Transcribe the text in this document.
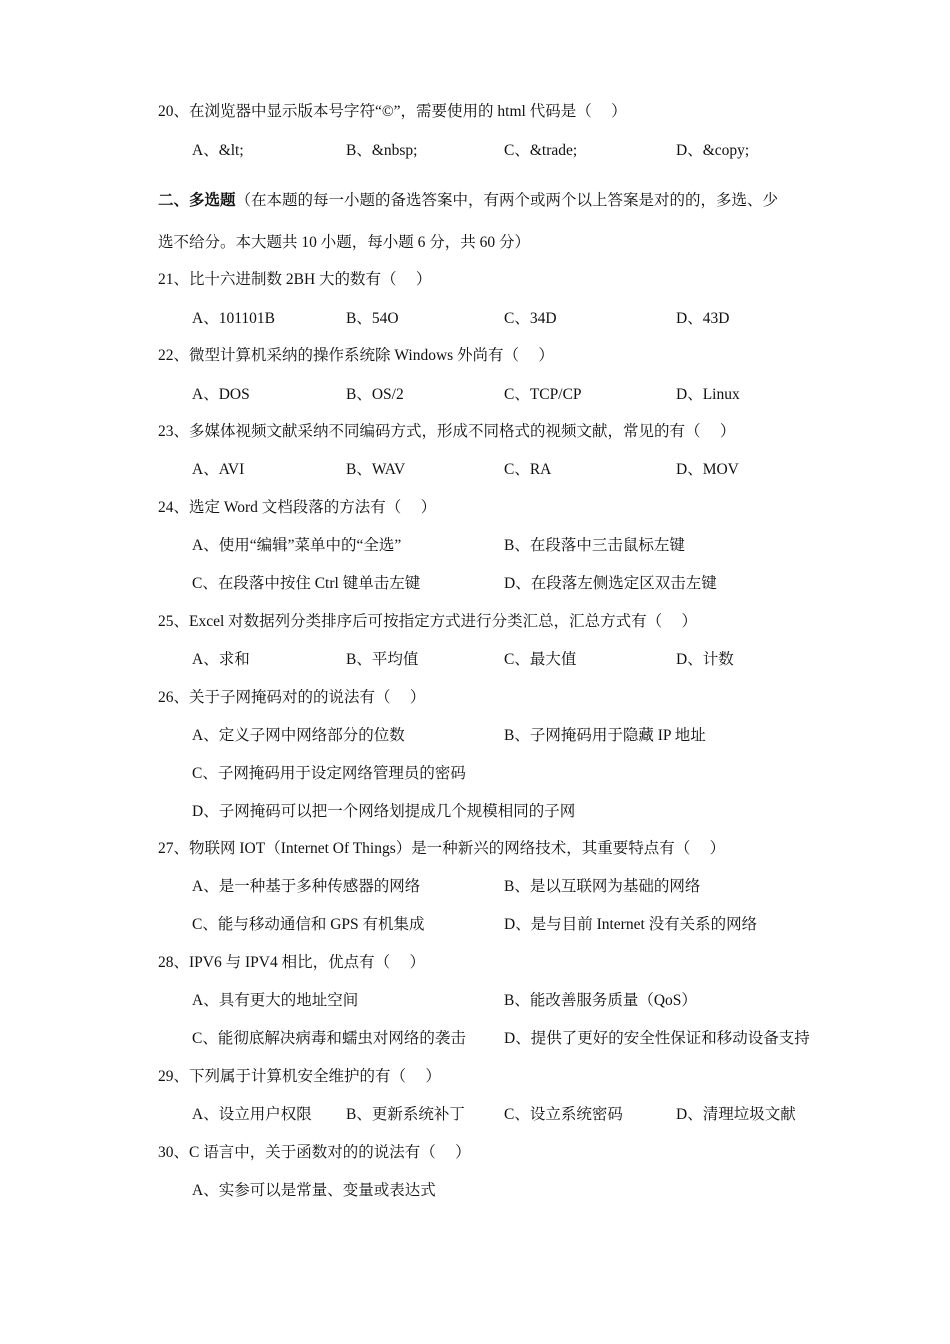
20、在浏览器中显示版本号字符“©”，需要使用的 html 代码是（　 ）
A、&lt;	B、&nbsp;	C、&trade;	D、&copy;
二、多选题（在本题的每一小题的备选答案中，有两个或两个以上答案是对的的，多选、少
选不给分。本大题共 10 小题，每小题 6 分，共 60 分）
21、比十六进制数 2BH 大的数有（　 ）
A、101101B	B、54O	C、34D	D、43D
22、微型计算机采纳的操作系统除 Windows 外尚有（　 ）
A、DOS	B、OS/2	C、TCP/CP	D、Linux
23、多媒体视频文献采纳不同编码方式，形成不同格式的视频文献，常见的有（　 ）
A、AVI	B、WAV	C、RA	D、MOV
24、选定 Word 文档段落的方法有（　 ）
A、使用“编辑”菜单中的“全选”	B、在段落中三击鼠标左键
C、在段落中按住 Ctrl 键单击左键	D、在段落左侧选定区双击左键
25、Excel 对数据列分类排序后可按指定方式进行分类汇总，汇总方式有（　 ）
A、求和	B、平均值	C、最大值	D、计数
26、关于子网掩码对的的说法有（　 ）
A、定义子网中网络部分的位数	B、子网掩码用于隐藏 IP 地址
C、子网掩码用于设定网络管理员的密码
D、子网掩码可以把一个网络划提成几个规模相同的子网
27、物联网 IOT（Internet Of Things）是一种新兴的网络技术，其重要特点有（　 ）
A、是一种基于多种传感器的网络	B、是以互联网为基础的网络
C、能与移动通信和 GPS 有机集成	D、是与目前 Internet 没有关系的网络
28、IPV6 与 IPV4 相比，优点有（　 ）
A、具有更大的地址空间	B、能改善服务质量（QoS）
C、能彻底解决病毒和蠕虫对网络的袭击 D、提供了更好的安全性保证和移动设备支持
29、下列属于计算机安全维护的有（　 ）
A、设立用户权限 B、更新系统补丁	C、设立系统密码	D、清理垃圾文献
30、C 语言中，关于函数对的的说法有（　 ）
A、实参可以是常量、变量或表达式
